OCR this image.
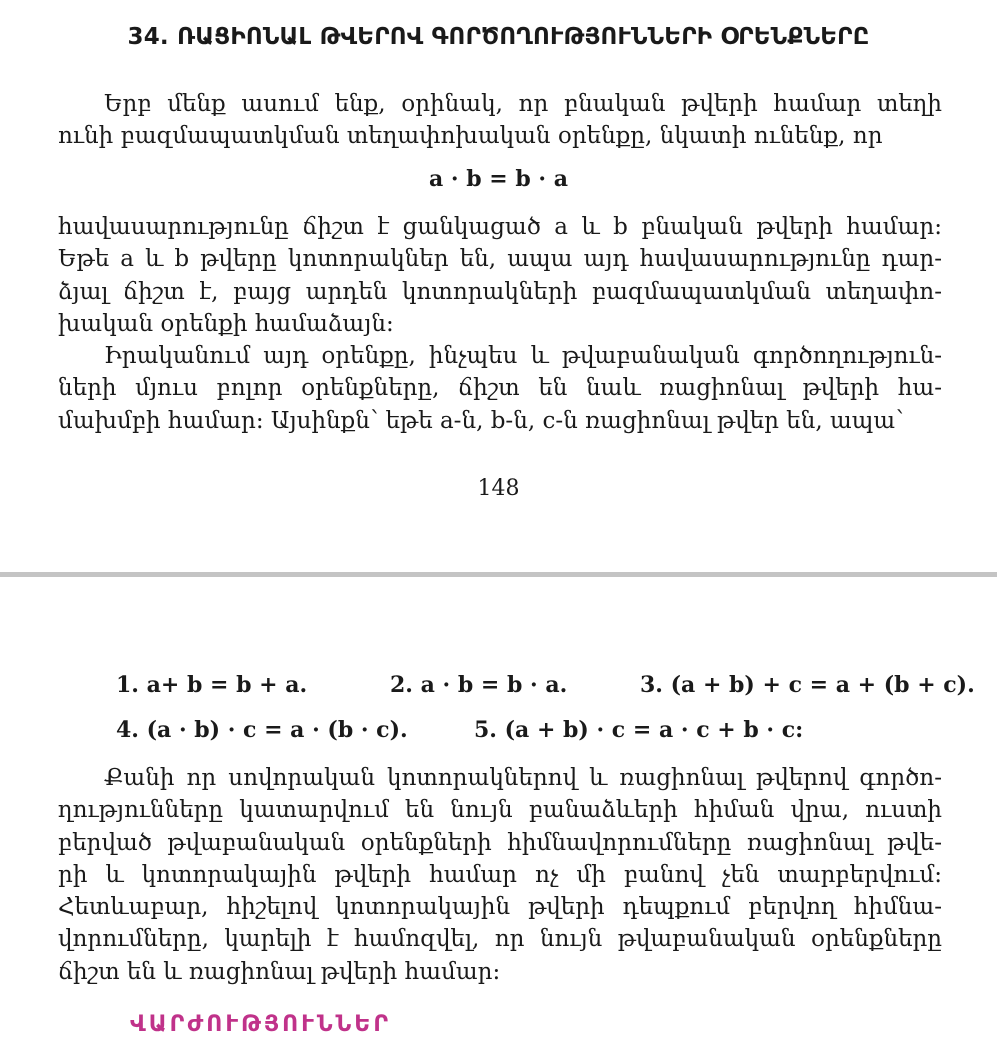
34. ՌԱՑԻՈՆԱԼ ԹՎԵՐՈՎ ԳՈՐԾՈՂՈՒԹՅՈՒՆՆԵՐԻ ՕՐԵՆՔՆԵՐԸ
Երբ մենք ասում ենք, օրինակ, որ բնական թվերի համար տեղի
ունի բազմապատկման տեղափոխական օրենքը, նկատի ունենք, որ
a · b = b · a
հավասարությունը ճիշտ է ցանկացած a և b բնական թվերի համար:
Եթե a և b թվերը կոտորակներ են, ապա այդ հավասարությունը դար-
ձյալ ճիշտ է, բայց արդեն կոտորակների բազմապատկման տեղափո-
խական օրենքի համաձայն:
Իրականում այդ օրենքը, ինչպես և թվաբանական գործողություն-
ների մյուս բոլոր օրենքները, ճիշտ են նաև ռացիոնալ թվերի հա-
մախմբի համար: Այսինքն՝ եթե a-ն, b-ն, c-ն ռացիոնալ թվեր են, ապա՝
148
1. a+ b = b + a.	2. a · b = b · a.	3. (a + b) + c = a + (b + c).
4. (a · b) · c = a · (b · c).	5. (a + b) · c = a · c + b · c:
Քանի որ սովորական կոտորակներով և ռացիոնալ թվերով գործո-
ղությունները կատարվում են նույն բանաձևերի հիման վրա, ուստի
բերված թվաբանական օրենքների հիմնավորումները ռացիոնալ թվե-
րի և կոտորակային թվերի համար ոչ մի բանով չեն տարբերվում:
Հետևաբար, հիշելով կոտորակային թվերի դեպքում բերվող հիմնա-
վորումները, կարելի է համոզվել, որ նույն թվաբանական օրենքները
ճիշտ են և ռացիոնալ թվերի համար:
ՎԱՐԺՈՒԹՅՈՒՆՆԵՐ
